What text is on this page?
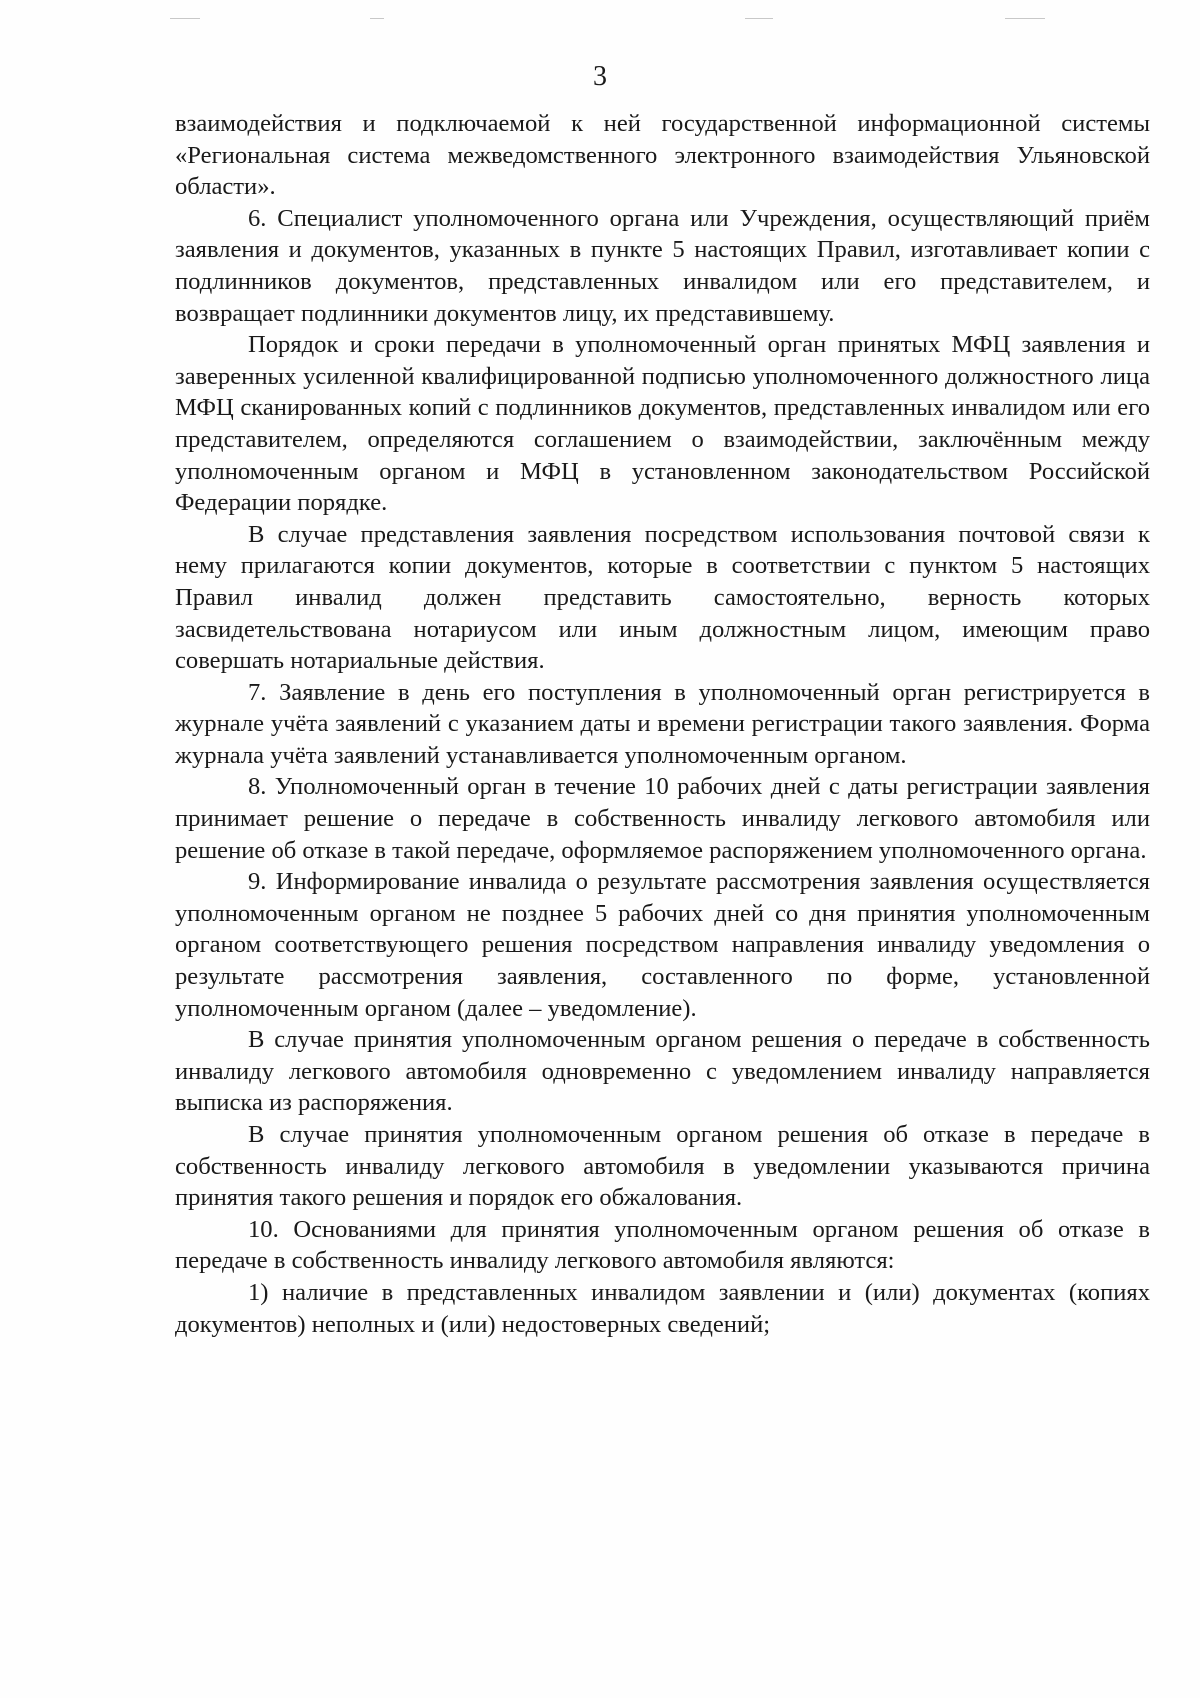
3

взаимодействия и подключаемой к ней государственной информационной системы «Региональная система межведомственного электронного взаимодействия Ульяновской области».

6. Специалист уполномоченного органа или Учреждения, осуществляющий приём заявления и документов, указанных в пункте 5 настоящих Правил, изготавливает копии с подлинников документов, представленных инвалидом или его представителем, и возвращает подлинники документов лицу, их представившему.

Порядок и сроки передачи в уполномоченный орган принятых МФЦ заявления и заверенных усиленной квалифицированной подписью уполномоченного должностного лица МФЦ сканированных копий с подлинников документов, представленных инвалидом или его представителем, определяются соглашением о взаимодействии, заключённым между уполномоченным органом и МФЦ в установленном законодательством Российской Федерации порядке.

В случае представления заявления посредством использования почтовой связи к нему прилагаются копии документов, которые в соответствии с пунктом 5 настоящих Правил инвалид должен представить самостоятельно, верность которых засвидетельствована нотариусом или иным должностным лицом, имеющим право совершать нотариальные действия.

7. Заявление в день его поступления в уполномоченный орган регистрируется в журнале учёта заявлений с указанием даты и времени регистрации такого заявления. Форма журнала учёта заявлений устанавливается уполномоченным органом.

8. Уполномоченный орган в течение 10 рабочих дней с даты регистрации заявления принимает решение о передаче в собственность инвалиду легкового автомобиля или решение об отказе в такой передаче, оформляемое распоряжением уполномоченного органа.

9. Информирование инвалида о результате рассмотрения заявления осуществляется уполномоченным органом не позднее 5 рабочих дней со дня принятия уполномоченным органом соответствующего решения посредством направления инвалиду уведомления о результате рассмотрения заявления, составленного по форме, установленной уполномоченным органом (далее – уведомление).

В случае принятия уполномоченным органом решения о передаче в собственность инвалиду легкового автомобиля одновременно с уведомлением инвалиду направляется выписка из распоряжения.

В случае принятия уполномоченным органом решения об отказе в передаче в собственность инвалиду легкового автомобиля в уведомлении указываются причина принятия такого решения и порядок его обжалования.

10. Основаниями для принятия уполномоченным органом решения об отказе в передаче в собственность инвалиду легкового автомобиля являются:

1) наличие в представленных инвалидом заявлении и (или) документах (копиях документов) неполных и (или) недостоверных сведений;
